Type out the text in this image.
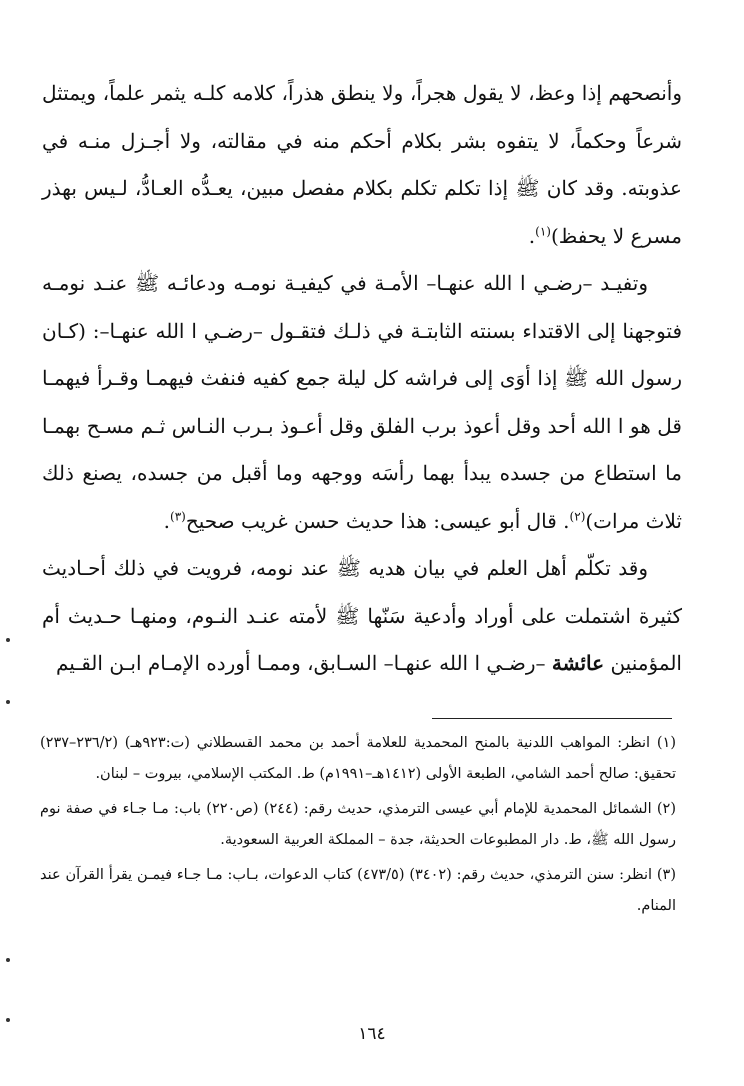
وأنصحهم إذا وعظ، لا يقول هجراً، ولا ينطق هذراً، كلامه كلـه يثمر علماً، ويمتثل شرعاً وحكماً، لا يتفوه بشر بكلام أحكم منه في مقالته، ولا أجـزل منـه في عذوبته. وقد كان ﷺ إذا تكلم تكلم بكلام مفصل مبين، يعـدُّه العـادُّ، لـيس بهذر مسرع لا يحفظ)$^{(١)}$.

وتفيـد –رضـي ا الله عنهـا– الأمـة في كيفيـة نومـه ودعائـه ﷺ عنـد نومـه فتوجهنا إلى الاقتداء بسنته الثابتـة في ذلـك فتقـول –رضـي ا الله عنهـا–: (كـان رسول الله ﷺ إذا أوَى إلى فراشه كل ليلة جمع كفيه فنفث فيهمـا وقـرأ فيهمـا قل هو ا الله أحد وقل أعوذ برب الفلق وقل أعـوذ بـرب النـاس ثـم مسـح بهمـا ما استطاع من جسده يبدأ بهما رأسَه ووجهه وما أقبل من جسده، يصنع ذلك ثلاث مرات)$^{(٢)}$. قال أبو عيسى: هذا حديث حسن غريب صحيح$^{(٣)}$.

وقد تكلّم أهل العلم في بيان هديه ﷺ عند نومه، فرويت في ذلك أحـاديث كثيرة اشتملت على أوراد وأدعية سَنّها ﷺ لأمته عنـد النـوم، ومنهـا حـديث أم المؤمنين عائشة –رضـي ا الله عنهـا– السـابق، وممـا أورده الإمـام ابـن القـيم

(١) انظر: المواهب اللدنية بالمنح المحمدية للعلامة أحمد بن محمد القسطلاني (ت:٩٢٣هـ) (٢٣٦/٢–٢٣٧) تحقيق: صالح أحمد الشامي، الطبعة الأولى (١٤١٢هـ–١٩٩١م) ط. المكتب الإسلامي، بيروت – لبنان.

(٢) الشمائل المحمدية للإمام أبي عيسى الترمذي، حديث رقم: (٢٤٤) (ص٢٢٠) باب: مـا جـاء في صفة نوم رسول الله ﷺ، ط. دار المطبوعات الحديثة، جدة – المملكة العربية السعودية.

(٣) انظر: سنن الترمذي، حديث رقم: (٣٤٠٢) (٤٧٣/٥) كتاب الدعوات، بـاب: مـا جـاء فيمـن يقرأ القرآن عند المنام.

١٦٤
